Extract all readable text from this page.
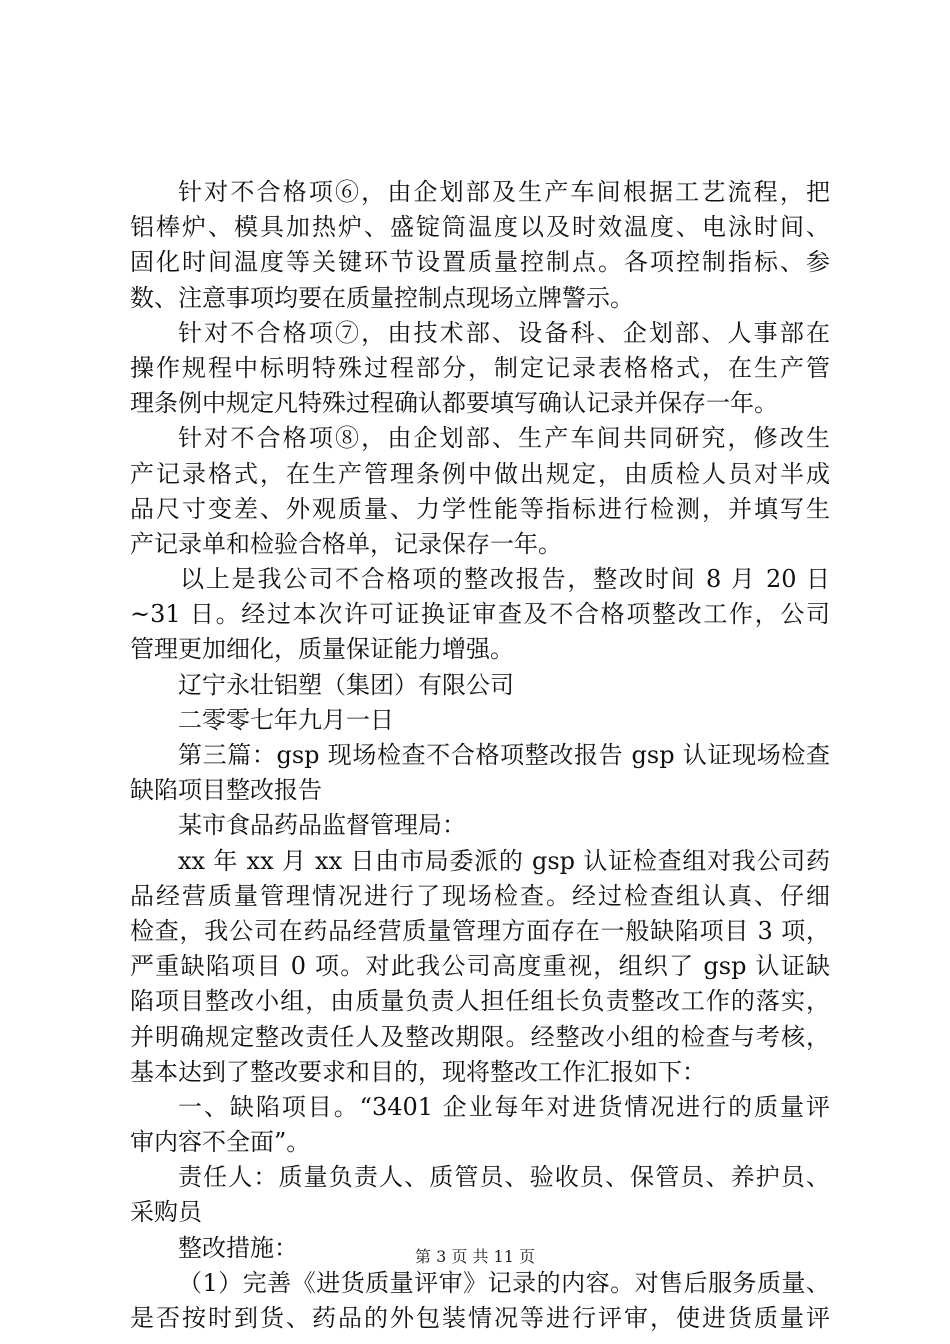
针对不合格项⑥，由企划部及生产车间根据工艺流程，把
铝棒炉、模具加热炉、盛锭筒温度以及时效温度、电泳时间、
固化时间温度等关键环节设置质量控制点。各项控制指标、参
数、注意事项均要在质量控制点现场立牌警示。
针对不合格项⑦，由技术部、设备科、企划部、人事部在
操作规程中标明特殊过程部分，制定记录表格格式，在生产管
理条例中规定凡特殊过程确认都要填写确认记录并保存一年。
针对不合格项⑧，由企划部、生产车间共同研究，修改生
产记录格式，在生产管理条例中做出规定，由质检人员对半成
品尺寸变差、外观质量、力学性能等指标进行检测，并填写生
产记录单和检验合格单，记录保存一年。
以上是我公司不合格项的整改报告，整改时间 8 月 20 日
~31 日。经过本次许可证换证审查及不合格项整改工作，公司
管理更加细化，质量保证能力增强。
辽宁永壮铝塑（集团）有限公司
二零零七年九月一日
第三篇：gsp 现场检查不合格项整改报告 gsp 认证现场检查
缺陷项目整改报告
某市食品药品监督管理局：
xx 年 xx 月 xx 日由市局委派的 gsp 认证检查组对我公司药
品经营质量管理情况进行了现场检查。经过检查组认真、仔细
检查，我公司在药品经营质量管理方面存在一般缺陷项目 3 项，
严重缺陷项目 0 项。对此我公司高度重视，组织了 gsp 认证缺
陷项目整改小组，由质量负责人担任组长负责整改工作的落实，
并明确规定整改责任人及整改期限。经整改小组的检查与考核，
基本达到了整改要求和目的，现将整改工作汇报如下：
一、缺陷项目。“3401 企业每年对进货情况进行的质量评
审内容不全面”。
责任人：质量负责人、质管员、验收员、保管员、养护员、
采购员
整改措施：
（1）完善《进货质量评审》记录的内容。对售后服务质量、
是否按时到货、药品的外包装情况等进行评审，使进货质量评
第 3 页 共 11 页
